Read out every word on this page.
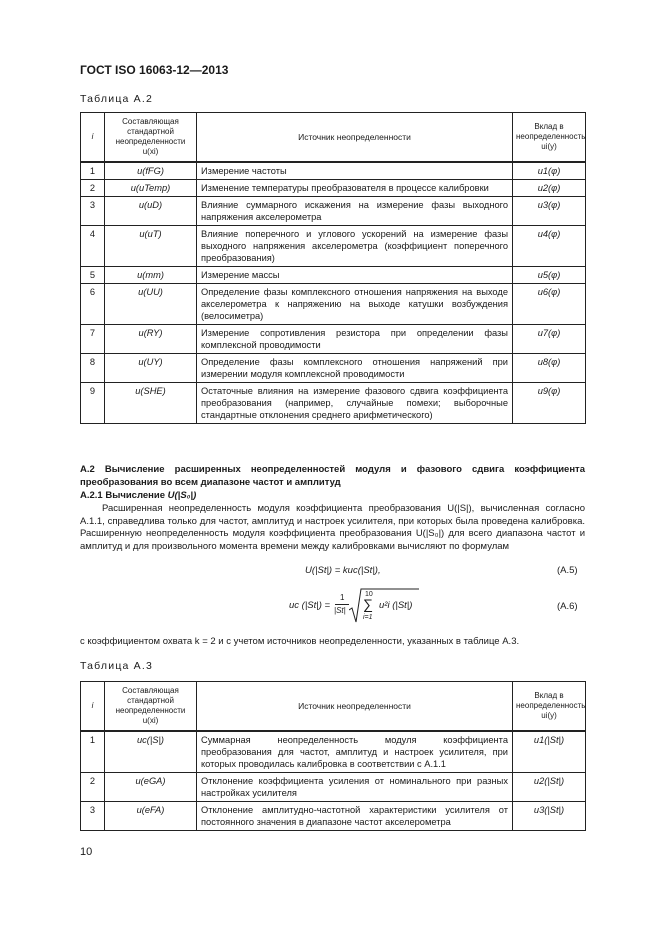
ГОСТ ISO 16063-12—2013
Таблица А.2
i	Составляющая стандартной неопределенности u(xi)	Источник неопределенности	Вклад в неопределенность ui(y)
1	u(fFG)	Измерение частоты	u1(φ)
2	u(uTemp)	Изменение температуры преобразователя в процессе калибровки	u2(φ)
3	u(uD)	Влияние суммарного искажения на измерение фазы выходного напряжения акселерометра	u3(φ)
4	u(uT)	Влияние поперечного и углового ускорений на измерение фазы выходного напряжения акселерометра (коэффициент поперечного преобразования)	u4(φ)
5	u(mm)	Измерение массы	u5(φ)
6	u(UU)	Определение фазы комплексного отношения напряжения на выходе акселерометра к напряжению на выходе катушки возбуждения (велосиметра)	u6(φ)
7	u(RY)	Измерение сопротивления резистора при определении фазы комплексной проводимости	u7(φ)
8	u(UY)	Определение фазы комплексного отношения напряжений при измерении модуля комплексной проводимости	u8(φ)
9	u(SHE)	Остаточные влияния на измерение фазового сдвига коэффициента преобразования (например, случайные помехи; выборочные стандартные отклонения среднего арифметического)	u9(φ)
А.2 Вычисление расширенных неопределенностей модуля и фазового сдвига коэффициента преобразования во всем диапазоне частот и амплитуд
А.2.1 Вычисление U(|S₀|)
Расширенная неопределенность модуля коэффициента преобразования U(|S|), вычисленная согласно А.1.1, справедлива только для частот, амплитуд и настроек усилителя, при которых была проведена калибровка. Расширенную неопределенность модуля коэффициента преобразования U(|S₀|) для всего диапазона частот и амплитуд и для произвольного момента времени между калибровками вычисляют по формулам
U(|St|) = kuc(|St|),	(А.5)
uc (|St|) =
1
|St|
10
∑
i=1
u²i (|St|)	(А.6)
с коэффициентом охвата k = 2 и с учетом источников неопределенности, указанных в таблице А.3.
Таблица А.3
i	Составляющая стандартной неопределенности u(xi)	Источник неопределенности	Вклад в неопределенность ui(y)
1	uc(|S|)	Суммарная неопределенность модуля коэффициента преобразования для частот, амплитуд и настроек усилителя, при которых проводилась калибровка в соответствии с А.1.1	u1(|St|)
2	u(eGA)	Отклонение коэффициента усиления от номинального при разных настройках усилителя	u2(|St|)
3	u(eFA)	Отклонение амплитудно-частотной характеристики усилителя от постоянного значения в диапазоне частот акселерометра	u3(|St|)
10
